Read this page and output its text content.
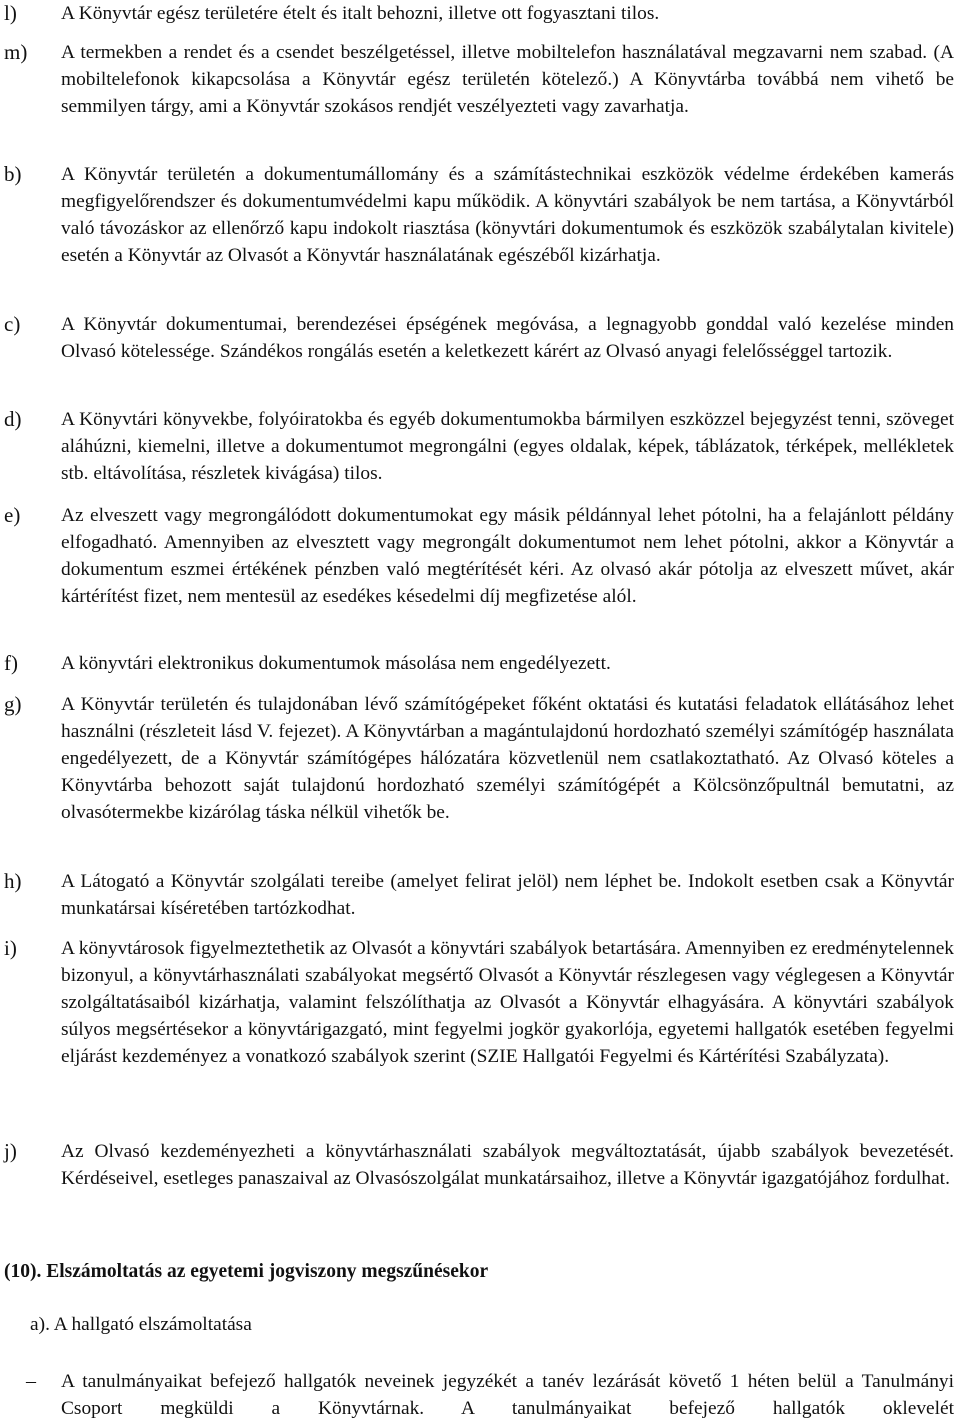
l) A Könyvtár egész területére ételt és italt behozni, illetve ott fogyasztani tilos.
m) A termekben a rendet és a csendet beszélgetéssel, illetve mobiltelefon használatával megzavarni nem szabad. (A mobiltelefonok kikapcsolása a Könyvtár egész területén kötelező.) A Könyvtárba továbbá nem vihető be semmilyen tárgy, ami a Könyvtár szokásos rendjét veszélyezteti vagy zavarhatja.
b) A Könyvtár területén a dokumentumállomány és a számítástechnikai eszközök védelme érdekében kamerás megfigyelőrendszer és dokumentumvédelmi kapu működik. A könyvtári szabályok be nem tartása, a Könyvtárból való távozáskor az ellenőrző kapu indokolt riasztása (könyvtári dokumentumok és eszközök szabálytalan kivitele) esetén a Könyvtár az Olvasót a Könyvtár használatának egészéből kizárhatja.
c) A Könyvtár dokumentumai, berendezései épségének megóvása, a legnagyobb gonddal való kezelése minden Olvasó kötelessége. Szándékos rongálás esetén a keletkezett kárért az Olvasó anyagi felelősséggel tartozik.
d) A Könyvtári könyvekbe, folyóiratokba és egyéb dokumentumokba bármilyen eszközzel bejegyzést tenni, szöveget aláhúzni, kiemelni, illetve a dokumentumot megrongálni (egyes oldalak, képek, táblázatok, térképek, mellékletek stb. eltávolítása, részletek kivágása) tilos.
e) Az elveszett vagy megrongálódott dokumentumokat egy másik példánnyal lehet pótolni, ha a felajánlott példány elfogadható. Amennyiben az elvesztett vagy megrongált dokumentumot nem lehet pótolni, akkor a Könyvtár a dokumentum eszmei értékének pénzben való megtérítését kéri. Az olvasó akár pótolja az elveszett művet, akár kártérítést fizet, nem mentesül az esedékes késedelmi díj megfizetése alól.
f) A könyvtári elektronikus dokumentumok másolása nem engedélyezett.
g) A Könyvtár területén és tulajdonában lévő számítógépeket főként oktatási és kutatási feladatok ellátásához lehet használni (részleteit lásd V. fejezet). A Könyvtárban a magántulajdonú hordozható személyi számítógép használata engedélyezett, de a Könyvtár számítógépes hálózatára közvetlenül nem csatlakoztatható. Az Olvasó köteles a Könyvtárba behozott saját tulajdonú hordozható személyi számítógépét a Kölcsönzőpultnál bemutatni, az olvasótermekbe kizárólag táska nélkül vihetők be.
h) A Látogató a Könyvtár szolgálati tereibe (amelyet felirat jelöl) nem léphet be. Indokolt esetben csak a Könyvtár munkatársai kíséretében tartózkodhat.
i) A könyvtárosok figyelmeztethetik az Olvasót a könyvtári szabályok betartására. Amennyiben ez eredménytelennek bizonyul, a könyvtárhasználati szabályokat megsértő Olvasót a Könyvtár részlegesen vagy véglegesen a Könyvtár szolgáltatásaiból kizárhatja, valamint felszólíthatja az Olvasót a Könyvtár elhagyására. A könyvtári szabályok súlyos megsértésekor a könyvtárigazgató, mint fegyelmi jogkör gyakorlója, egyetemi hallgatók esetében fegyelmi eljárást kezdeményez a vonatkozó szabályok szerint (SZIE Hallgatói Fegyelmi és Kártérítési Szabályzata).
j) Az Olvasó kezdeményezheti a könyvtárhasználati szabályok megváltoztatását, újabb szabályok bevezetését. Kérdéseivel, esetleges panaszaival az Olvasószolgálat munkatársaihoz, illetve a Könyvtár igazgatójához fordulhat.
(10). Elszámoltatás az egyetemi jogviszony megszűnésekor
a). A hallgató elszámoltatása
– A tanulmányaikat befejező hallgatók neveinek jegyzékét a tanév lezárását követő 1 héten belül a Tanulmányi Csoport megküldi a Könyvtárnak. A tanulmányaikat befejező hallgatók oklevelét
